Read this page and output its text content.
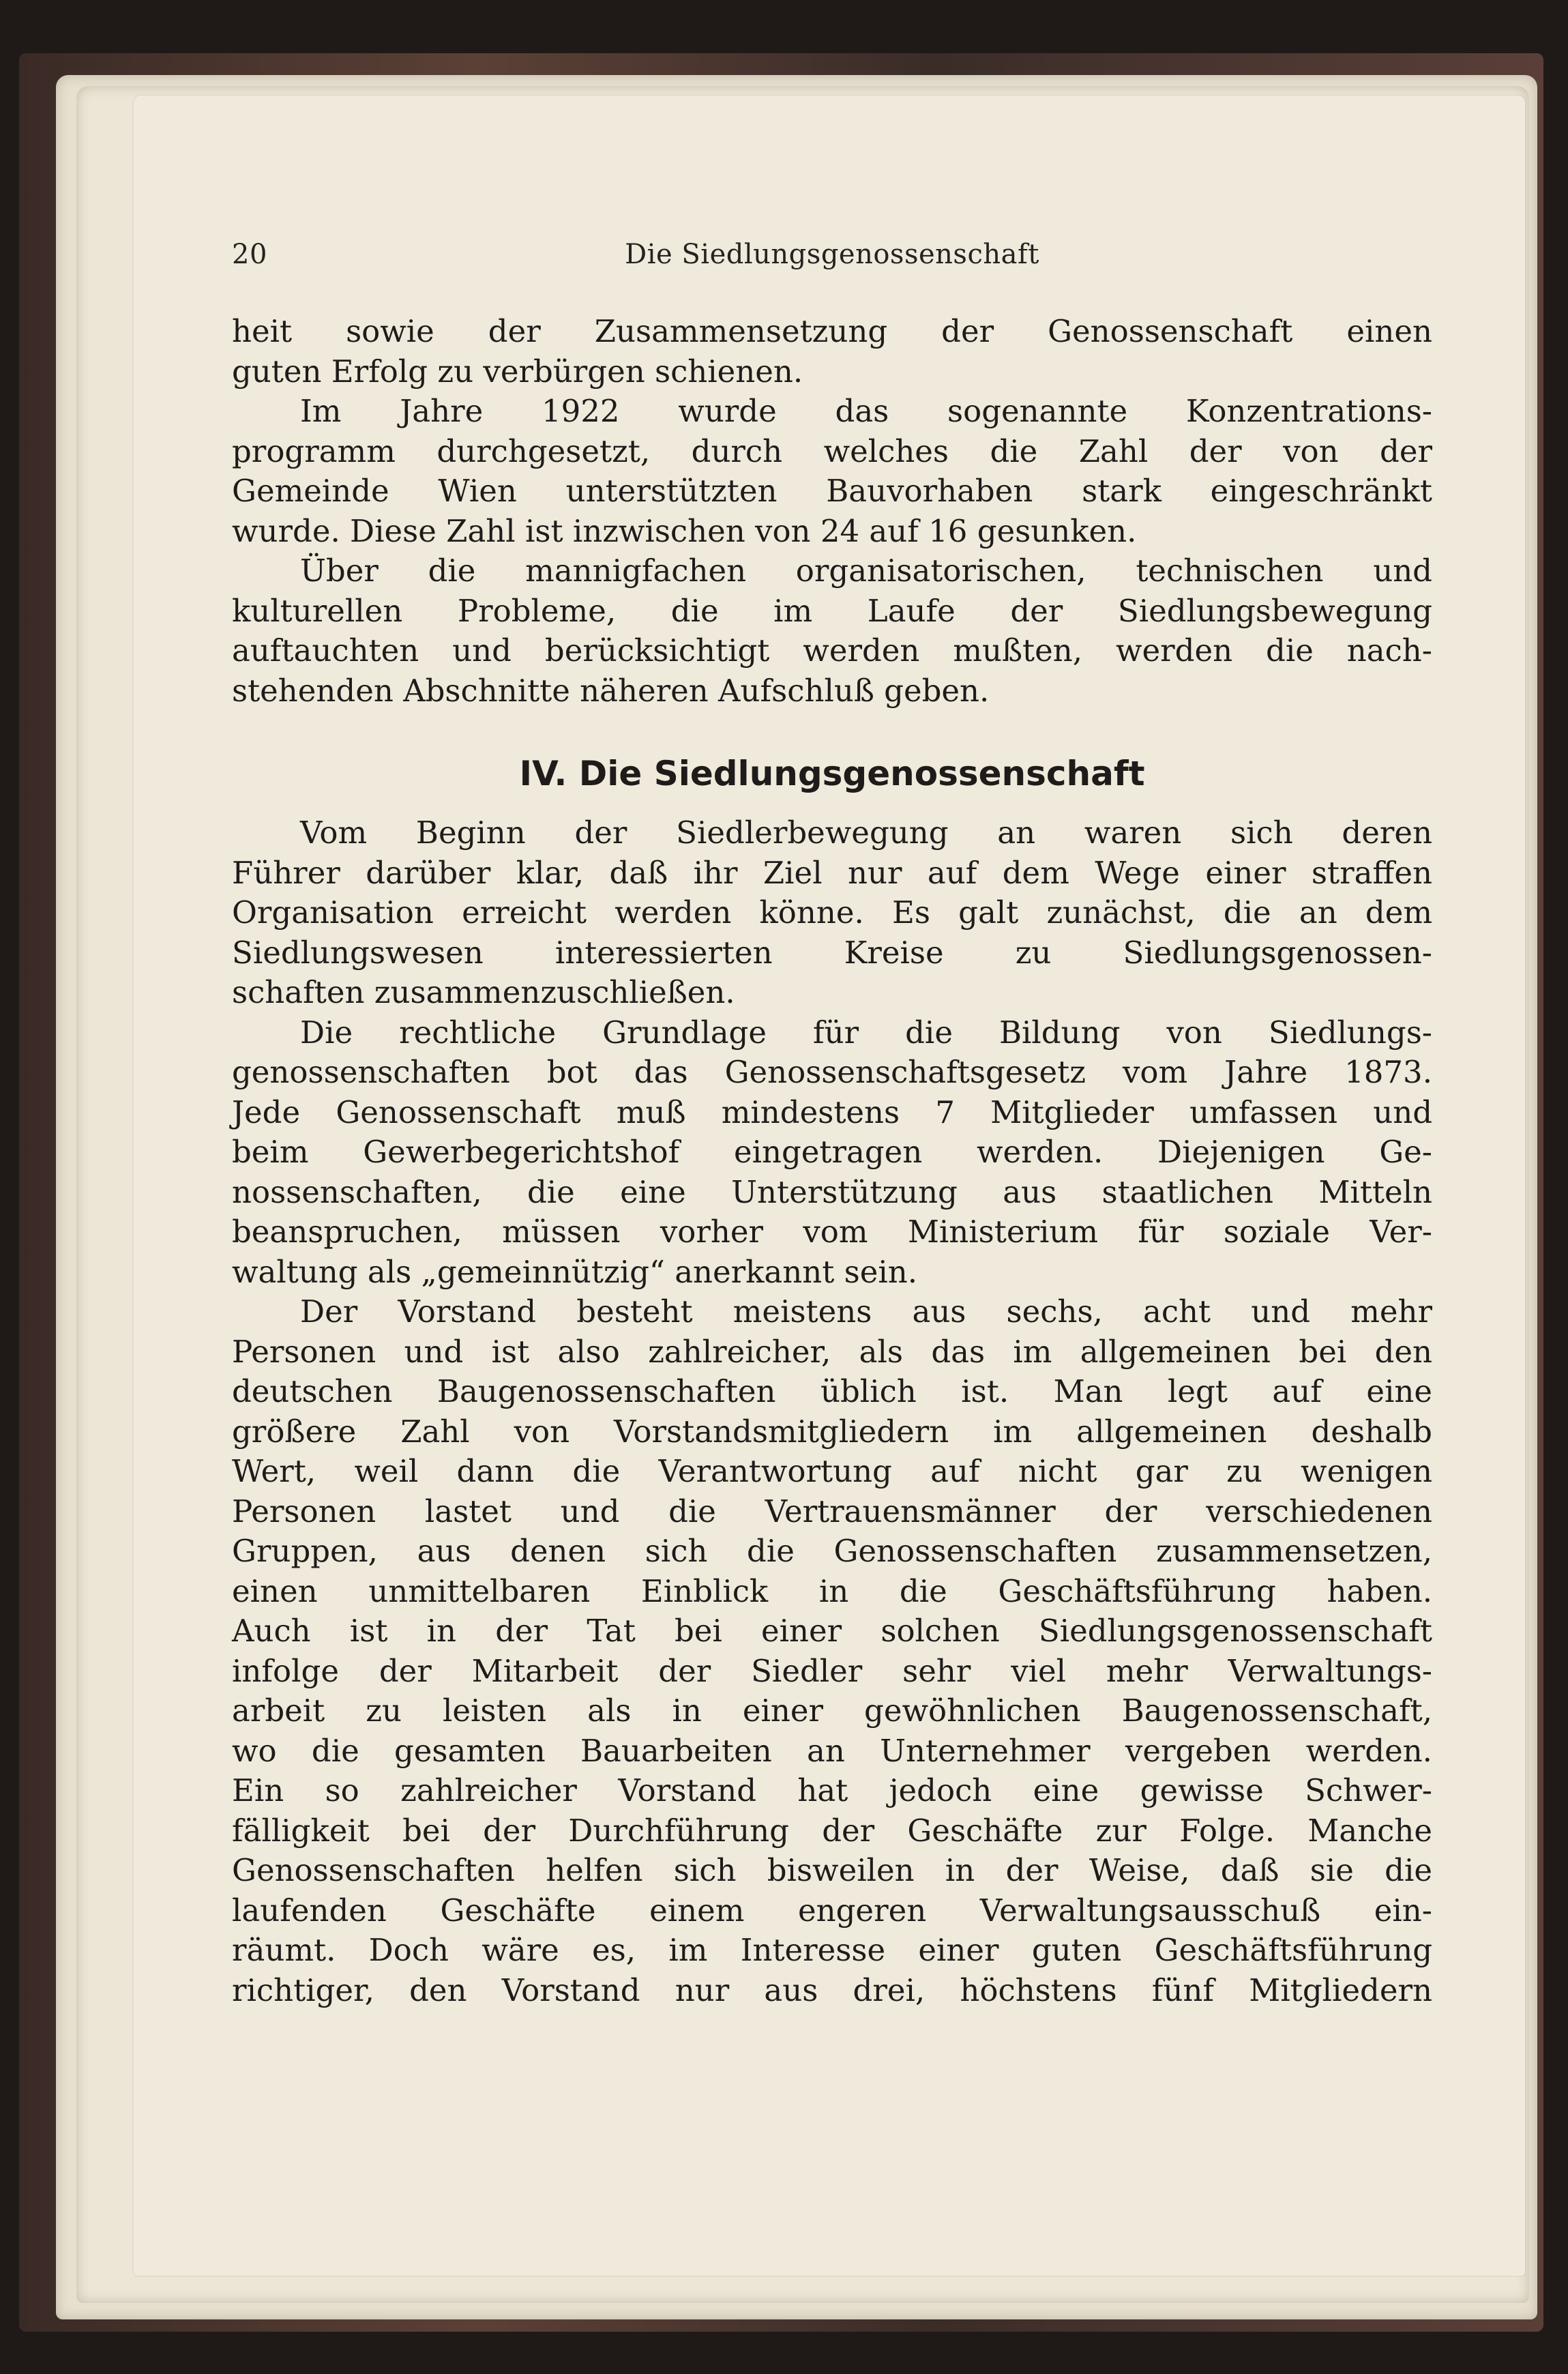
20	Die Siedlungsgenossenschaft

heit sowie der Zusammensetzung der Genossenschaft einen

guten Erfolg zu verbürgen schienen.

Im Jahre 1922 wurde das sogenannte Konzentrations-

programm durchgesetzt, durch welches die Zahl der von der

Gemeinde Wien unterstützten Bauvorhaben stark eingeschränkt

wurde. Diese Zahl ist inzwischen von 24 auf 16 gesunken.

Über die mannigfachen organisatorischen, technischen und

kulturellen Probleme, die im Laufe der Siedlungsbewegung

auftauchten und berücksichtigt werden mußten, werden die nach-

stehenden Abschnitte näheren Aufschluß geben.

IV. Die Siedlungsgenossenschaft

Vom Beginn der Siedlerbewegung an waren sich deren

Führer darüber klar, daß ihr Ziel nur auf dem Wege einer straffen

Organisation erreicht werden könne. Es galt zunächst, die an dem

Siedlungswesen interessierten Kreise zu Siedlungsgenossen-

schaften zusammenzuschließen.

Die rechtliche Grundlage für die Bildung von Siedlungs-

genossenschaften bot das Genossenschaftsgesetz vom Jahre 1873.

Jede Genossenschaft muß mindestens 7 Mitglieder umfassen und

beim Gewerbegerichtshof eingetragen werden. Diejenigen Ge-

nossenschaften, die eine Unterstützung aus staatlichen Mitteln

beanspruchen, müssen vorher vom Ministerium für soziale Ver-

waltung als „gemeinnützig“ anerkannt sein.

Der Vorstand besteht meistens aus sechs, acht und mehr

Personen und ist also zahlreicher, als das im allgemeinen bei den

deutschen Baugenossenschaften üblich ist. Man legt auf eine

größere Zahl von Vorstandsmitgliedern im allgemeinen deshalb

Wert, weil dann die Verantwortung auf nicht gar zu wenigen

Personen lastet und die Vertrauensmänner der verschiedenen

Gruppen, aus denen sich die Genossenschaften zusammensetzen,

einen unmittelbaren Einblick in die Geschäftsführung haben.

Auch ist in der Tat bei einer solchen Siedlungsgenossenschaft

infolge der Mitarbeit der Siedler sehr viel mehr Verwaltungs-

arbeit zu leisten als in einer gewöhnlichen Baugenossenschaft,

wo die gesamten Bauarbeiten an Unternehmer vergeben werden.

Ein so zahlreicher Vorstand hat jedoch eine gewisse Schwer-

fälligkeit bei der Durchführung der Geschäfte zur Folge. Manche

Genossenschaften helfen sich bisweilen in der Weise, daß sie die

laufenden Geschäfte einem engeren Verwaltungsausschuß ein-

räumt. Doch wäre es, im Interesse einer guten Geschäftsführung

richtiger, den Vorstand nur aus drei, höchstens fünf Mitgliedern
